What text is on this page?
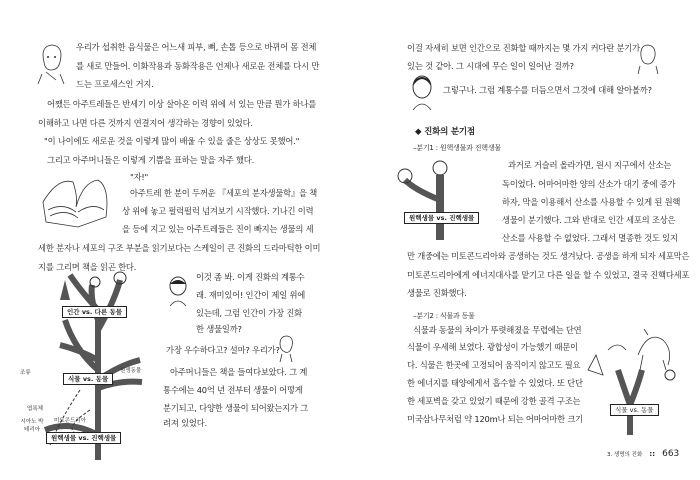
우리가 섭취한 음식물은 어느새 피부, 뼈, 손톱 등으로 바뀌어 몸 전체
를 새로 만들어. 이화작용과 동화작용은 언제나 새로운 전체를 다시 만
드는 프로세스인 거지.
어쨌든 아주트레들은 반세기 이상 살아온 이력 위에 서 있는 만큼 뭔가 하나를
이해하고 나면 다른 것까지 연결지어 생각하는 경향이 있었다.
"이 나이에도 새로운 것을 이렇게 많이 배울 수 있을 줄은 상상도 못했어."
그리고 아주머니들은 이렇게 기쁨을 표하는 말을 자주 했다.
"자!"
아주트레 한 분이 두꺼운 『세포의 분자생물학』을 책
상 위에 놓고 펄럭펄럭 넘겨보기 시작했다. 기나긴 이력
을 등에 지고 있는 아주트레들은 진이 빠지는 생물의 세
세한 분자나 세포의 구조 부분을 읽기보다는 스케일이 큰 진화의 드라마틱한 이미
지를 그리며 책을 읽곤 한다.
이것 좀 봐. 이게 진화의 계통수
래. 재미있어! 인간이 제일 위에
있는데, 그럼 인간이 가장 진화
한 생물일까?
가장 우수하다고? 설마? 우리가?
아주머니들은 책을 들여다보았다. 그 계
통수에는 40억 년 전부터 생물이 어떻게
분기되고, 다양한 생물이 되어왔는지가 그
려져 있었다.
인간 vs. 다른 동물
식물 vs. 동물
원핵생물 vs. 진핵생물
조류	원생동물
엽록체
시아노 박테리아
미토콘드리아
이걸 자세히 보면 인간으로 진화할 때까지는 몇 가지 커다란 분기가
있는 것 같아. 그 시대에 무슨 일이 일어난 걸까?
그렇구나. 그럼 계통수를 더듬으면서 그것에 대해 알아볼까?
◆ 진화의 분기점
–분기1 : 원핵생물과 진핵생물
원핵생물 vs. 진핵생물
과거로 거슬러 올라가면, 원시 지구에서 산소는
독이었다. 어마어마한 양의 산소가 대기 중에 증가
하자, 막을 이용해서 산소를 사용할 수 있게 된 원핵
생물이 분기했다. 그와 반대로 인간 세포의 조상은
산소를 사용할 수 없었다. 그래서 멸종한 것도 있지
만 개중에는 미토콘드리아와 공생하는 것도 생겨났다. 공생을 하게 되자 세포막은
미토콘드리아에게 에너지대사를 맡기고 다른 일을 할 수 있었고, 결국 진핵다세포
생물로 진화했다.
–분기2 : 식물과 동물
식물과 동물의 차이가 뚜렷해졌을 무렵에는 단연
식물이 우세해 보였다. 광합성이 가능했기 때문이
다. 식물은 한곳에 고정되어 움직이지 않고도 필요
한 에너지를 태양에게서 흡수할 수 있었다. 또 단단
한 세포벽을 갖고 있었기 때문에 강한 골격 구조는
미국삼나무처럼 약 120m나 되는 어마어마한 크기
식물 vs. 동물
3. 생명의 진화 :: 663
